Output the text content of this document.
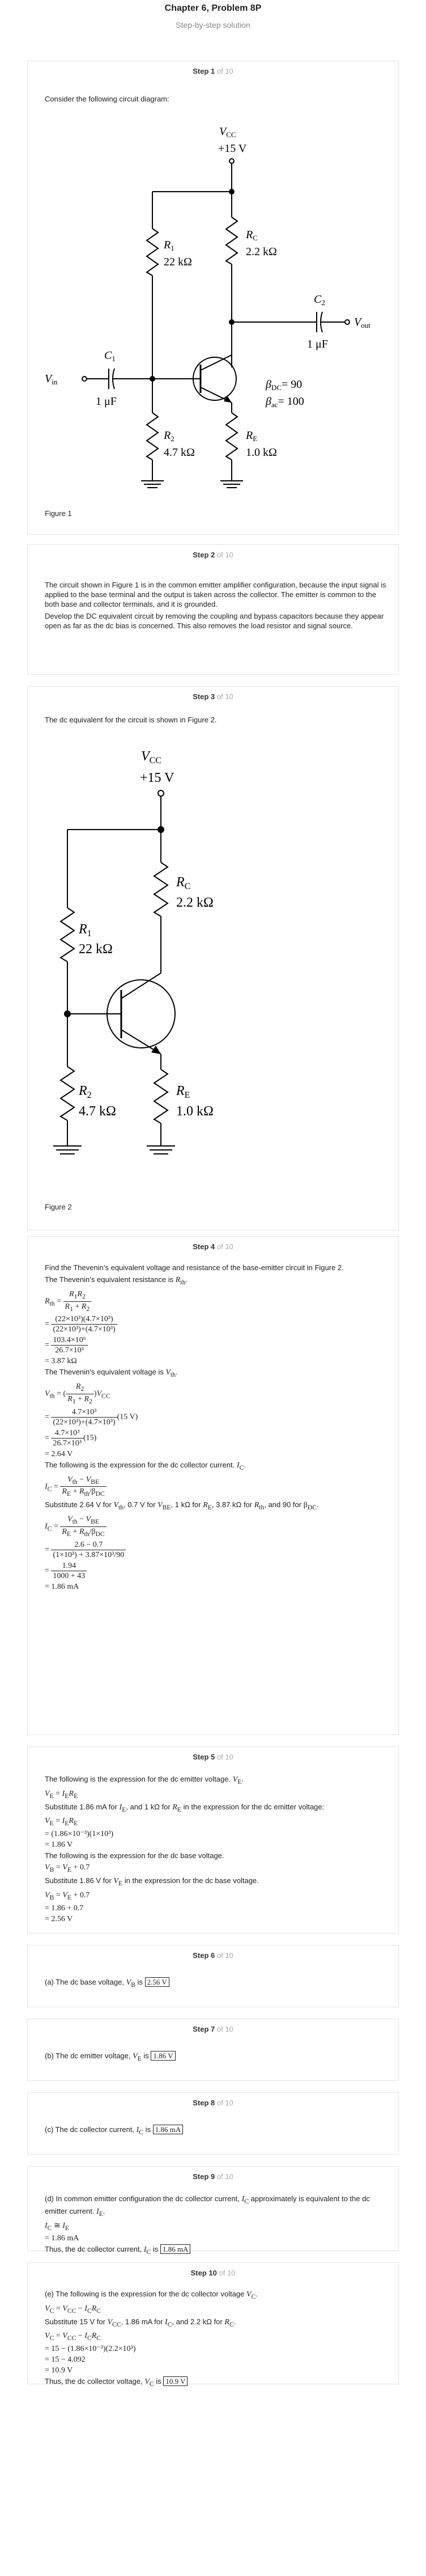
Chapter 6, Problem 8P
Step-by-step solution
Step 1 of 10
Consider the following circuit diagram:
$V_{CC}$
+15 V
$R_1$
22 kΩ
$R_C$
2.2 kΩ
$C_1$
1 μF
$C_2$
1 μF
$V_{in}$
$V_{out}$
$\beta_{DC}= 90$
$\beta_{ac}= 100$
$R_2$
4.7 kΩ
$R_E$
1.0 kΩ
Figure 1
Step 2 of 10
The circuit shown in Figure 1 is in the common emitter amplifier configuration, because the input signal is applied to the base terminal and the output is taken across the collector. The emitter is common to the both base and collector terminals, and it is grounded.
Develop the DC equivalent circuit by removing the coupling and bypass capacitors because they appear open as far as the dc bias is concerned. This also removes the load resistor and signal source.
Step 3 of 10
The dc equivalent for the circuit is shown in Figure 2.
$V_{CC}$
+15 V
$R_1$
22 kΩ
$R_C$
2.2 kΩ
$R_2$
4.7 kΩ
$R_E$
1.0 kΩ
Figure 2
Step 4 of 10
Find the Thevenin’s equivalent voltage and resistance of the base-emitter circuit in Figure 2.
The Thevenin’s equivalent resistance is $R_{th}$.
$R_{th} = \frac{R_1R_2}{R_1 + R_2}$
= $\frac{\text{(22×10³)(4.7×10³)}}{\text{(22×10³)+(4.7×10³)}}$
= $\frac{\text{103.4×10⁶}}{\text{26.7×10³}}$
= 3.87 kΩ
The Thevenin’s equivalent voltage is $V_{th}$.
$V_{th}$ = ( $\frac{R_2}{R_1 + R_2} )V_{CC}$
= $\frac{\text{4.7×10³}}{\text{(22×10³)+(4.7×10³)}} (15$ V)
= $\frac{\text{4.7×10³}}{\text{26.7×10³}} (15)$
= 2.64 V
The following is the expression for the dc collector current. $I_C$.
$I_C = \frac{V_{th} - V_{BE}}{R_E + R_{th}/\beta_{DC}}$
Substitute 2.64 V for $V_{th}$, 0.7 V for $V_{BE}$, 1 kΩ for $R_E$, 3.87 kΩ for $R_{th}$, and 90 for $\beta_{DC}$.
$I_C = \frac{V_{th} - V_{BE}}{R_E + R_{th}/\beta_{DC}}$
= $\frac{2.6 - 0.7}{\text{(1×10³) + 3.87×10³/90}}$
= $\frac{1.94}{1000 + 43}$
= 1.86 mA
Step 5 of 10
The following is the expression for the dc emitter voltage. $V_E$.
$V_E = I_ER_E$
Substitute 1.86 mA for $I_E$, and 1 kΩ for $R_E$ in the expression for the dc emitter voltage:
$V_E = I_ER_E$
= (1.86×10⁻³)(1×10³)
= 1.86 V
The following is the expression for the dc base voltage.
$V_B = V_E + 0.7$
Substitute 1.86 V for $V_E$ in the expression for the dc base voltage.
$V_B = V_E + 0.7$
= 1.86 + 0.7
= 2.56 V
Step 6 of 10
(a) The dc base voltage, $V_B$ is 2.56 V
Step 7 of 10
(b) The dc emitter voltage, $V_E$ is 1.86 V
Step 8 of 10
(c) The dc collector current, $I_C$ is 1.86 mA
Step 9 of 10
(d) In common emitter configuration the dc collector current, $I_C$ approximately is equivalent to the dc emitter current. $I_E$.
$I_C$ ≅ $I_E$
= 1.86 mA
Thus, the dc collector current, $I_C$ is 1.86 mA
Step 10 of 10
(e) The following is the expression for the dc collector voltage $V_C$.
$V_C = V_{CC} - I_CR_C$
Substitute 15 V for $V_{CC}$, 1.86 mA for $I_C$, and 2.2 kΩ for $R_C$.
$V_C = V_{CC} - I_CR_C$
= 15 − (1.86×10⁻³)(2.2×10³)
= 15 − 4.092
= 10.9 V
Thus, the dc collector voltage, $V_C$ is 10.9 V
